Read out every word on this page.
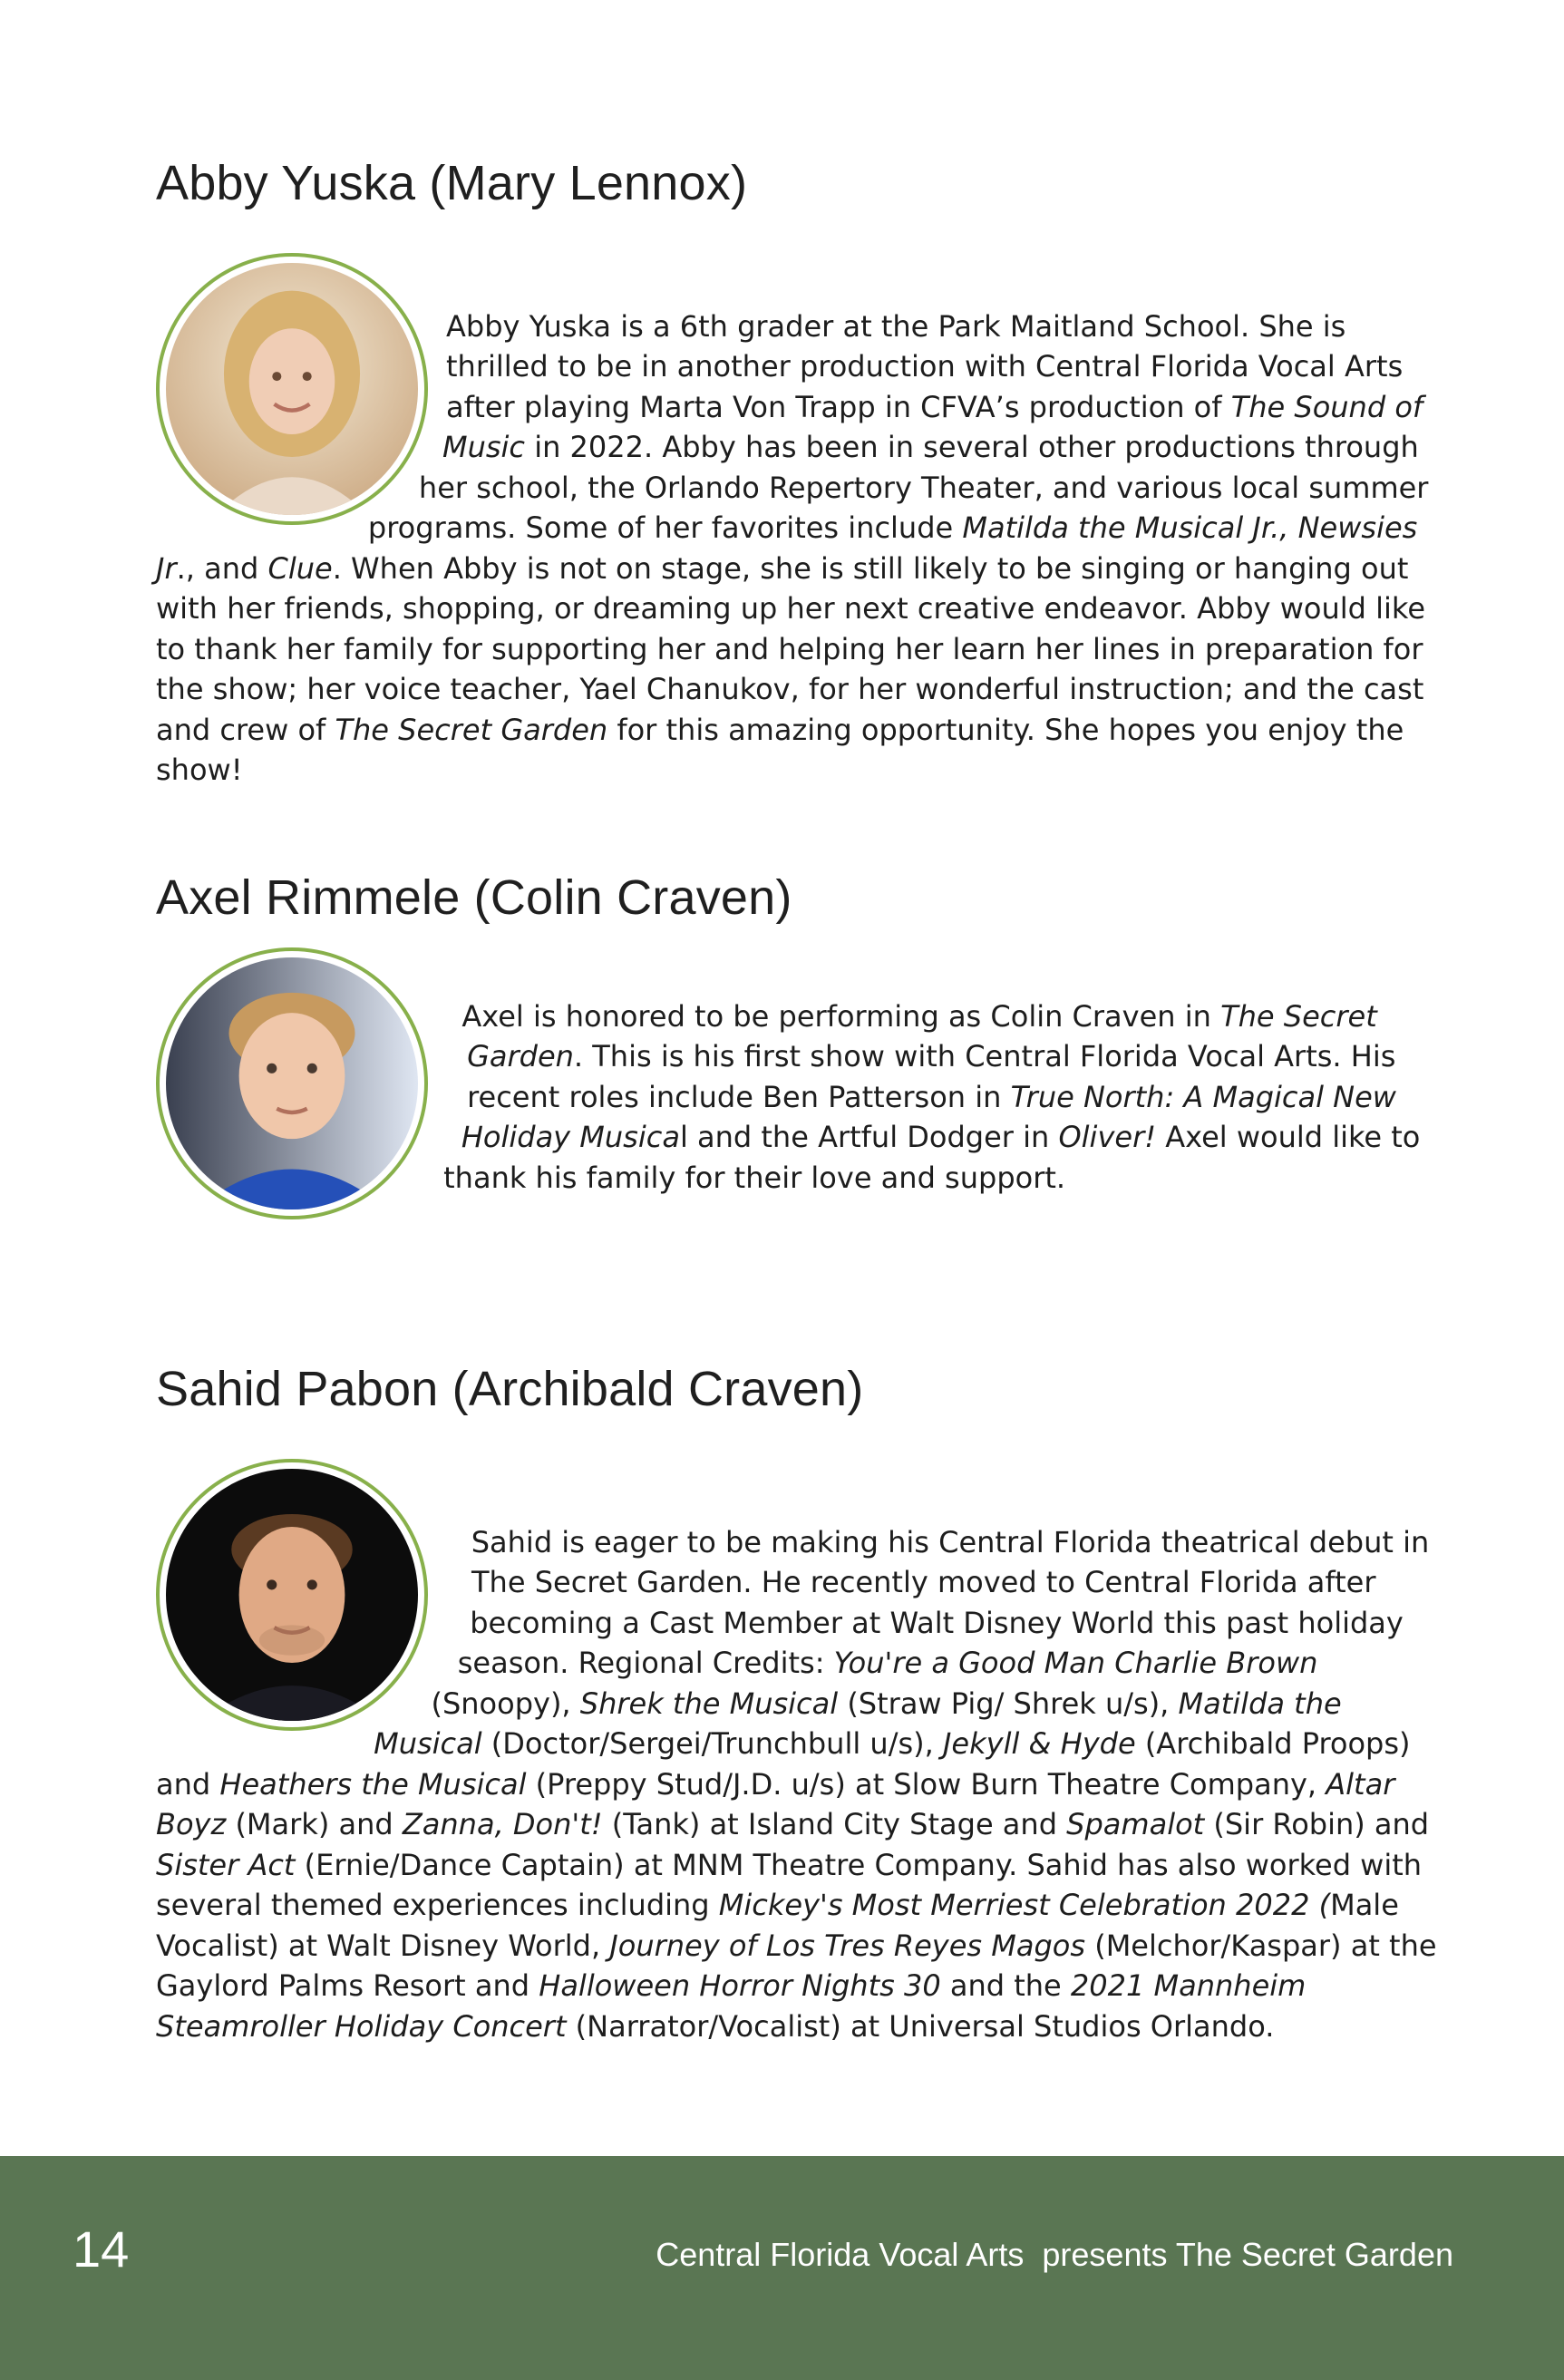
Abby Yuska (Mary Lennox)

Abby Yuska is a 6th grader at the Park Maitland School. She is thrilled to be in another production with Central Florida Vocal Arts after playing Marta Von Trapp in CFVA’s production of The Sound of Music in 2022. Abby has been in several other productions through her school, the Orlando Repertory Theater, and various local summer programs. Some of her favorites include Matilda the Musical Jr., Newsies Jr., and Clue. When Abby is not on stage, she is still likely to be singing or hanging out with her friends, shopping, or dreaming up her next creative endeavor. Abby would like to thank her family for supporting her and helping her learn her lines in preparation for the show; her voice teacher, Yael Chanukov, for her wonderful instruction; and the cast and crew of The Secret Garden for this amazing opportunity. She hopes you enjoy the show!

Axel Rimmele (Colin Craven)

Axel is honored to be performing as Colin Craven in The Secret Garden. This is his first show with Central Florida Vocal Arts. His recent roles include Ben Patterson in True North: A Magical New Holiday Musical and the Artful Dodger in Oliver! Axel would like to thank his family for their love and support.

Sahid Pabon (Archibald Craven)

Sahid is eager to be making his Central Florida theatrical debut in The Secret Garden. He recently moved to Central Florida after becoming a Cast Member at Walt Disney World this past holiday season. Regional Credits: You're a Good Man Charlie Brown (Snoopy), Shrek the Musical (Straw Pig/ Shrek u/s), Matilda the Musical (Doctor/Sergei/Trunchbull u/s), Jekyll & Hyde (Archibald Proops) and Heathers the Musical (Preppy Stud/J.D. u/s) at Slow Burn Theatre Company, Altar Boyz (Mark) and Zanna, Don't! (Tank) at Island City Stage and Spamalot (Sir Robin) and Sister Act (Ernie/Dance Captain) at MNM Theatre Company. Sahid has also worked with several themed experiences including Mickey's Most Merriest Celebration 2022 (Male Vocalist) at Walt Disney World, Journey of Los Tres Reyes Magos (Melchor/Kaspar) at the Gaylord Palms Resort and Halloween Horror Nights 30 and the 2021 Mannheim Steamroller Holiday Concert (Narrator/Vocalist) at Universal Studios Orlando.

14	Central Florida Vocal Arts  presents The Secret Garden
